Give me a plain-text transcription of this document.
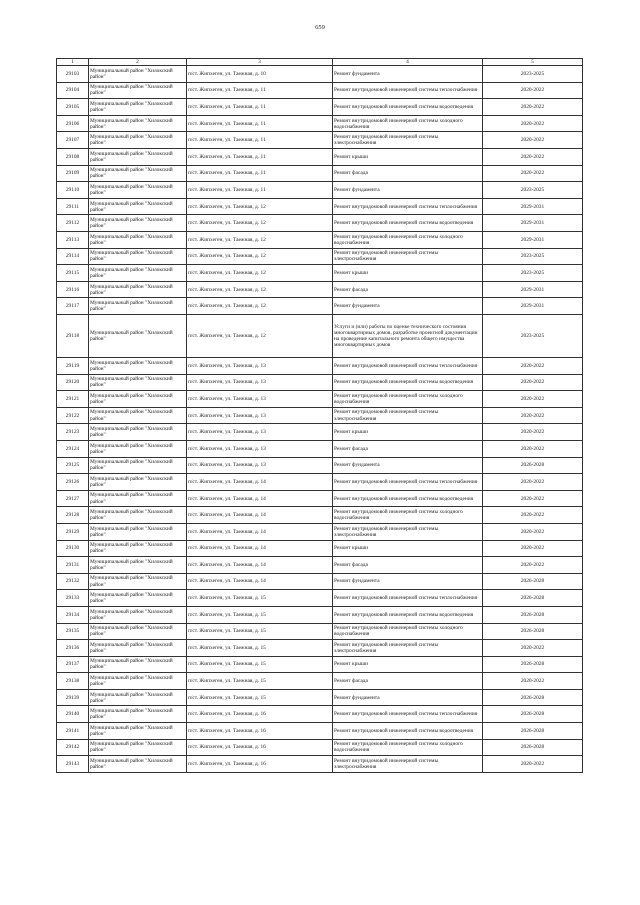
659
1	2	3	4	5
29103	Муниципальный район "Хилокский район"	п/ст. Жипхеген, ул. Таежная, д. 10	Ремонт фундамента	2023-2025
29104	Муниципальный район "Хилокский район"	п/ст. Жипхеген, ул. Таежная, д. 11	Ремонт внутридомовой инженерной системы теплоснабжения	2020-2022
29105	Муниципальный район "Хилокский район"	п/ст. Жипхеген, ул. Таежная, д. 11	Ремонт внутридомовой инженерной системы водоотведения	2020-2022
29106	Муниципальный район "Хилокский район"	п/ст. Жипхеген, ул. Таежная, д. 11	Ремонт внутридомовой инженерной системы холодного водоснабжения	2020-2022
29107	Муниципальный район "Хилокский район"	п/ст. Жипхеген, ул. Таежная, д. 11	Ремонт внутридомовой инженерной системы электроснабжения	2020-2022
29108	Муниципальный район "Хилокский район"	п/ст. Жипхеген, ул. Таежная, д. 11	Ремонт крыши	2020-2022
29109	Муниципальный район "Хилокский район"	п/ст. Жипхеген, ул. Таежная, д. 11	Ремонт фасада	2020-2022
29110	Муниципальный район "Хилокский район"	п/ст. Жипхеген, ул. Таежная, д. 11	Ремонт фундамента	2023-2025
29111	Муниципальный район "Хилокский район"	п/ст. Жипхеген, ул. Таежная, д. 12	Ремонт внутридомовой инженерной системы теплоснабжения	2029-2031
29112	Муниципальный район "Хилокский район"	п/ст. Жипхеген, ул. Таежная, д. 12	Ремонт внутридомовой инженерной системы водоотведения	2029-2031
29113	Муниципальный район "Хилокский район"	п/ст. Жипхеген, ул. Таежная, д. 12	Ремонт внутридомовой инженерной системы холодного водоснабжения	2029-2031
29114	Муниципальный район "Хилокский район"	п/ст. Жипхеген, ул. Таежная, д. 12	Ремонт внутридомовой инженерной системы электроснабжения	2023-2025
29115	Муниципальный район "Хилокский район"	п/ст. Жипхеген, ул. Таежная, д. 12	Ремонт крыши	2023-2025
29116	Муниципальный район "Хилокский район"	п/ст. Жипхеген, ул. Таежная, д. 12	Ремонт фасада	2029-2031
29117	Муниципальный район "Хилокский район"	п/ст. Жипхеген, ул. Таежная, д. 12	Ремонт фундамента	2029-2031
29118	Муниципальный район "Хилокский район"	п/ст. Жипхеген, ул. Таежная, д. 12	Услуги и (или) работы по оценке технического состояния многоквартирных домов, разработке проектной документации на проведение капитального ремонта общего имущества многоквартирных домов	2023-2025
29119	Муниципальный район "Хилокский район"	п/ст. Жипхеген, ул. Таежная, д. 13	Ремонт внутридомовой инженерной системы теплоснабжения	2020-2022
29120	Муниципальный район "Хилокский район"	п/ст. Жипхеген, ул. Таежная, д. 13	Ремонт внутридомовой инженерной системы водоотведения	2020-2022
29121	Муниципальный район "Хилокский район"	п/ст. Жипхеген, ул. Таежная, д. 13	Ремонт внутридомовой инженерной системы холодного водоснабжения	2020-2022
29122	Муниципальный район "Хилокский район"	п/ст. Жипхеген, ул. Таежная, д. 13	Ремонт внутридомовой инженерной системы электроснабжения	2020-2022
29123	Муниципальный район "Хилокский район"	п/ст. Жипхеген, ул. Таежная, д. 13	Ремонт крыши	2020-2022
29124	Муниципальный район "Хилокский район"	п/ст. Жипхеген, ул. Таежная, д. 13	Ремонт фасада	2020-2022
29125	Муниципальный район "Хилокский район"	п/ст. Жипхеген, ул. Таежная, д. 13	Ремонт фундамента	2026-2028
29126	Муниципальный район "Хилокский район"	п/ст. Жипхеген, ул. Таежная, д. 14	Ремонт внутридомовой инженерной системы теплоснабжения	2020-2022
29127	Муниципальный район "Хилокский район"	п/ст. Жипхеген, ул. Таежная, д. 14	Ремонт внутридомовой инженерной системы водоотведения	2020-2022
29128	Муниципальный район "Хилокский район"	п/ст. Жипхеген, ул. Таежная, д. 14	Ремонт внутридомовой инженерной системы холодного водоснабжения	2020-2022
29129	Муниципальный район "Хилокский район"	п/ст. Жипхеген, ул. Таежная, д. 14	Ремонт внутридомовой инженерной системы электроснабжения	2020-2022
29130	Муниципальный район "Хилокский район"	п/ст. Жипхеген, ул. Таежная, д. 14	Ремонт крыши	2020-2022
29131	Муниципальный район "Хилокский район"	п/ст. Жипхеген, ул. Таежная, д. 14	Ремонт фасада	2020-2022
29132	Муниципальный район "Хилокский район"	п/ст. Жипхеген, ул. Таежная, д. 14	Ремонт фундамента	2026-2028
29133	Муниципальный район "Хилокский район"	п/ст. Жипхеген, ул. Таежная, д. 15	Ремонт внутридомовой инженерной системы теплоснабжения	2026-2028
29134	Муниципальный район "Хилокский район"	п/ст. Жипхеген, ул. Таежная, д. 15	Ремонт внутридомовой инженерной системы водоотведения	2026-2028
29135	Муниципальный район "Хилокский район"	п/ст. Жипхеген, ул. Таежная, д. 15	Ремонт внутридомовой инженерной системы холодного водоснабжения	2026-2028
29136	Муниципальный район "Хилокский район"	п/ст. Жипхеген, ул. Таежная, д. 15	Ремонт внутридомовой инженерной системы электроснабжения	2020-2022
29137	Муниципальный район "Хилокский район"	п/ст. Жипхеген, ул. Таежная, д. 15	Ремонт крыши	2026-2028
29138	Муниципальный район "Хилокский район"	п/ст. Жипхеген, ул. Таежная, д. 15	Ремонт фасада	2020-2022
29139	Муниципальный район "Хилокский район"	п/ст. Жипхеген, ул. Таежная, д. 15	Ремонт фундамента	2026-2028
29140	Муниципальный район "Хилокский район"	п/ст. Жипхеген, ул. Таежная, д. 16	Ремонт внутридомовой инженерной системы теплоснабжения	2026-2028
29141	Муниципальный район "Хилокский район"	п/ст. Жипхеген, ул. Таежная, д. 16	Ремонт внутридомовой инженерной системы водоотведения	2026-2028
29142	Муниципальный район "Хилокский район"	п/ст. Жипхеген, ул. Таежная, д. 16	Ремонт внутридомовой инженерной системы холодного водоснабжения	2026-2028
29143	Муниципальный район "Хилокский район"	п/ст. Жипхеген, ул. Таежная, д. 16	Ремонт внутридомовой инженерной системы электроснабжения	2020-2022
